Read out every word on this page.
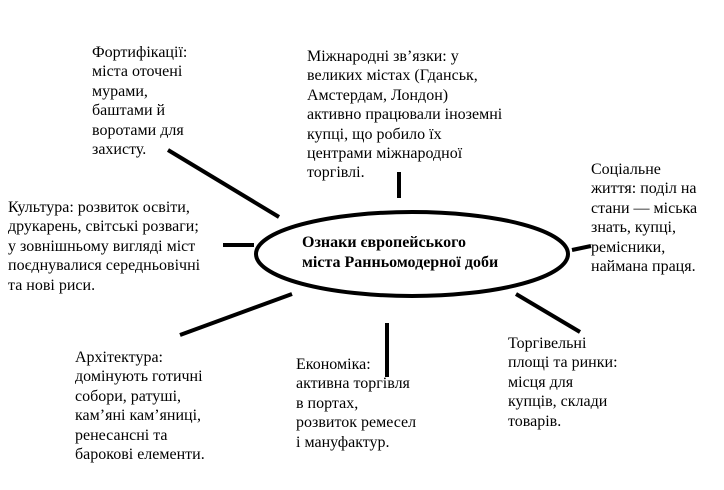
Ознаки європейського
міста Ранньомодерної доби
Фортифікації:
міста оточені
мурами,
баштами й
воротами для
захисту.
Міжнародні зв’язки: у
великих містах (Гданськ,
Амстердам, Лондон)
активно працювали іноземні
купці, що робило їх
центрами міжнародної
торгівлі.	Соціальне
життя: поділ на
стани — міська
знать, купці,
ремісники,
наймана праця.
Культура: розвиток освіти,
друкарень, світські розваги;
у зовнішньому вигляді міст
поєднувалися середньовічні
та нові риси.
Архітектура:
домінують готичні
собори, ратуші,
кам’яні кам’яниці,
ренесансні та
барокові елементи.
Економіка:
активна торгівля
в портах,
розвиток ремесел
і мануфактур.
Торгівельні
площі та ринки:
місця для
купців, склади
товарів.
